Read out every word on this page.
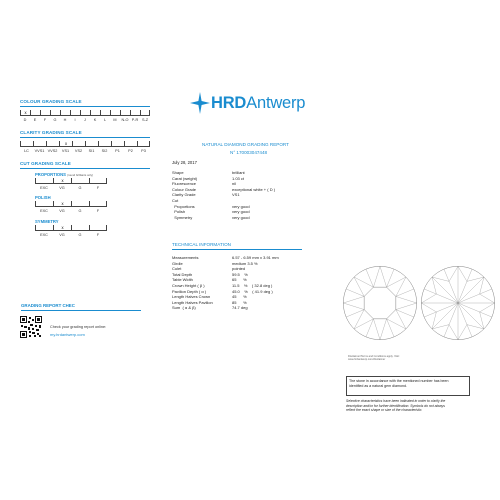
COLOUR GRADING SCALE
x
D	E	F	G	H	I	J	K	L	M	N-O P-R S-Z
CLARITY GRADING SCALE
x
LC	VVS1 VVS2	VS1	VS2	SI1	SI2	P1	P2	P3
CUT GRADING SCALE
PROPORTIONS (round brilliants only)
x
EXC	VG	G	F
POLISH
x
EXC	VG	G	F
SYMMETRY
x
EXC	VG	G	F
HRDAntwerp
NATURAL DIAMOND GRADING REPORT
N° 170003047448
July 28, 2017
Shape	brilliant
Carat (weight)	1.03 ct
Fluorescence	nil
Colour Grade	exceptional white + ( D )
Clarity Grade	VS1
Cut
Proportions	very good
Polish	very good
Symmetry	very good
TECHNICAL INFORMATION
Measurements	6.57 - 6.59 mm x 3.91 mm
Girdle	medium 3.5 %
Culet	pointed
Total Depth	59.5    %
Table Width	65      %
Crown Height ( β )	11.5    %    ( 32.8 deg )
Pavilion Depth ( α )	45.0    %    ( 41.9 deg )
Length Halves Crown	45      %
Length Halves Pavilion	85      %
Sum  ( α & β)	74.7 deg
GRADING REPORT CHEC
Check your grading report online:
my.hrdantwerp.com
Disclaimer/Terms and Conditions apply. Visit:
www.hrdantwerp.com/disclaimer
The stone in accordance with the mentioned number has been
identified as a natural gem diamond.
Selective characteristics have been indicated in order to clarify the
description and/or for further identification. Symbols do not always
reflect the exact shape or size of the characteristic.
